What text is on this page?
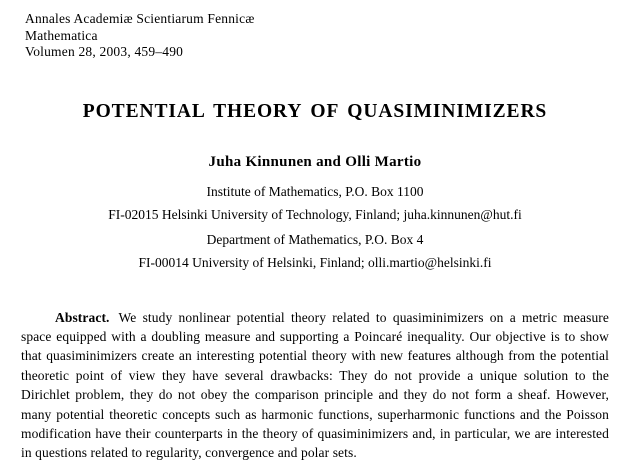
Annales Academiæ Scientiarum Fennicæ
Mathematica
Volumen 28, 2003, 459–490
POTENTIAL THEORY OF QUASIMINIMIZERS
Juha Kinnunen and Olli Martio
Institute of Mathematics, P.O. Box 1100
FI-02015 Helsinki University of Technology, Finland; juha.kinnunen@hut.fi
Department of Mathematics, P.O. Box 4
FI-00014 University of Helsinki, Finland; olli.martio@helsinki.fi

Abstract. We study nonlinear potential theory related to quasiminimizers on a metric measure space equipped with a doubling measure and supporting a Poincaré inequality. Our objective is to show that quasiminimizers create an interesting potential theory with new features although from the potential theoretic point of view they have several drawbacks: They do not provide a unique solution to the Dirichlet problem, they do not obey the comparison principle and they do not form a sheaf. However, many potential theoretic concepts such as harmonic functions, superharmonic functions and the Poisson modification have their counterparts in the theory of quasiminimizers and, in particular, we are interested in questions related to regularity, convergence and polar sets.
